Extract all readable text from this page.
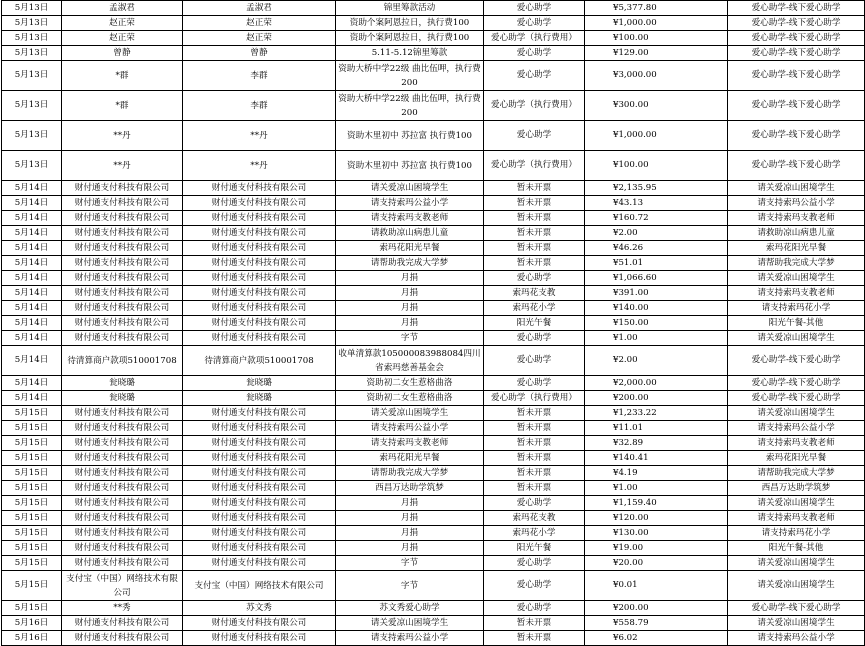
5月13日	孟淑君	孟淑君	锦里筹款活动	爱心助学	¥5,377.80	爱心助学-线下爱心助学
5月13日	赵正荣	赵正荣	资助个案阿恩拉日，执行费100	爱心助学	¥1,000.00	爱心助学-线下爱心助学
5月13日	赵正荣	赵正荣	资助个案阿恩拉日，执行费100	爱心助学（执行费用）	¥100.00	爱心助学-线下爱心助学
5月13日	曾静	曾静	5.11-5.12锦里筹款	爱心助学	¥129.00	爱心助学-线下爱心助学
5月13日	*群	李群	资助大桥中学22级 曲比伍呷，执行费200	爱心助学	¥3,000.00	爱心助学-线下爱心助学
5月13日	*群	李群	资助大桥中学22级 曲比伍呷，执行费200	爱心助学（执行费用）	¥300.00	爱心助学-线下爱心助学
5月13日	**丹	**丹	资助木里初中 苏拉富 执行费100	爱心助学	¥1,000.00	爱心助学-线下爱心助学
5月13日	**丹	**丹	资助木里初中 苏拉富 执行费100	爱心助学（执行费用）	¥100.00	爱心助学-线下爱心助学
5月14日	财付通支付科技有限公司	财付通支付科技有限公司	请关爱凉山困境学生	暂未开票	¥2,135.95	请关爱凉山困境学生
5月14日	财付通支付科技有限公司	财付通支付科技有限公司	请支持索玛公益小学	暂未开票	¥43.13	请支持索玛公益小学
5月14日	财付通支付科技有限公司	财付通支付科技有限公司	请支持索玛支教老师	暂未开票	¥160.72	请支持索玛支教老师
5月14日	财付通支付科技有限公司	财付通支付科技有限公司	请救助凉山病患儿童	暂未开票	¥2.00	请救助凉山病患儿童
5月14日	财付通支付科技有限公司	财付通支付科技有限公司	索玛花阳光早餐	暂未开票	¥46.26	索玛花阳光早餐
5月14日	财付通支付科技有限公司	财付通支付科技有限公司	请帮助我完成大学梦	暂未开票	¥51.01	请帮助我完成大学梦
5月14日	财付通支付科技有限公司	财付通支付科技有限公司	月捐	爱心助学	¥1,066.60	请关爱凉山困境学生
5月14日	财付通支付科技有限公司	财付通支付科技有限公司	月捐	索玛花支教	¥391.00	请支持索玛支教老师
5月14日	财付通支付科技有限公司	财付通支付科技有限公司	月捐	索玛花小学	¥140.00	请支持索玛花小学
5月14日	财付通支付科技有限公司	财付通支付科技有限公司	月捐	阳光午餐	¥150.00	阳光午餐-其他
5月14日	财付通支付科技有限公司	财付通支付科技有限公司	字节	爱心助学	¥1.00	请关爱凉山困境学生
5月14日	待清算商户款项510001708	待清算商户款项510001708	收单清算款105000083988084四川省索玛慈善基金会	爱心助学	¥2.00	爱心助学-线下爱心助学
5月14日	瓮晓璐	瓮晓璐	资助初二女生惹格曲洛	爱心助学	¥2,000.00	爱心助学-线下爱心助学
5月14日	瓮晓璐	瓮晓璐	资助初二女生惹格曲洛	爱心助学（执行费用）	¥200.00	爱心助学-线下爱心助学
5月15日	财付通支付科技有限公司	财付通支付科技有限公司	请关爱凉山困境学生	暂未开票	¥1,233.22	请关爱凉山困境学生
5月15日	财付通支付科技有限公司	财付通支付科技有限公司	请支持索玛公益小学	暂未开票	¥11.01	请支持索玛公益小学
5月15日	财付通支付科技有限公司	财付通支付科技有限公司	请支持索玛支教老师	暂未开票	¥32.89	请支持索玛支教老师
5月15日	财付通支付科技有限公司	财付通支付科技有限公司	索玛花阳光早餐	暂未开票	¥140.41	索玛花阳光早餐
5月15日	财付通支付科技有限公司	财付通支付科技有限公司	请帮助我完成大学梦	暂未开票	¥4.19	请帮助我完成大学梦
5月15日	财付通支付科技有限公司	财付通支付科技有限公司	西昌万达助学筑梦	暂未开票	¥1.00	西昌万达助学筑梦
5月15日	财付通支付科技有限公司	财付通支付科技有限公司	月捐	爱心助学	¥1,159.40	请关爱凉山困境学生
5月15日	财付通支付科技有限公司	财付通支付科技有限公司	月捐	索玛花支教	¥120.00	请支持索玛支教老师
5月15日	财付通支付科技有限公司	财付通支付科技有限公司	月捐	索玛花小学	¥130.00	请支持索玛花小学
5月15日	财付通支付科技有限公司	财付通支付科技有限公司	月捐	阳光午餐	¥19.00	阳光午餐-其他
5月15日	财付通支付科技有限公司	财付通支付科技有限公司	字节	爱心助学	¥20.00	请关爱凉山困境学生
5月15日	支付宝（中国）网络技术有限公司	支付宝（中国）网络技术有限公司	字节	爱心助学	¥0.01	请关爱凉山困境学生
5月15日	**秀	苏文秀	苏文秀爱心助学	爱心助学	¥200.00	爱心助学-线下爱心助学
5月16日	财付通支付科技有限公司	财付通支付科技有限公司	请关爱凉山困境学生	暂未开票	¥558.79	请关爱凉山困境学生
5月16日	财付通支付科技有限公司	财付通支付科技有限公司	请支持索玛公益小学	暂未开票	¥6.02	请支持索玛公益小学
